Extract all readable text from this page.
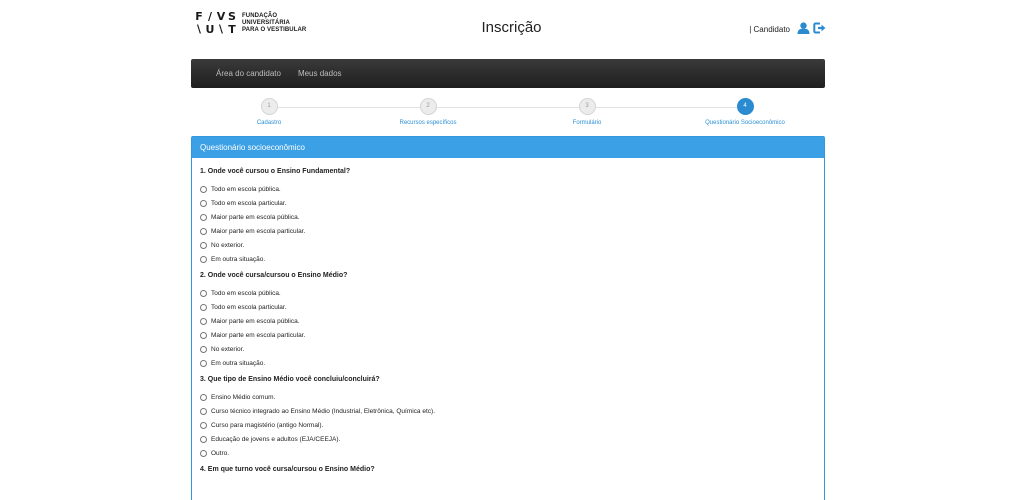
F ∕ V S
∖ U ∖ T
FUNDAÇÃO
UNIVERSITÁRIA
PARA O VESTIBULAR	Inscrição	| Candidato
Área do candidato Meus dados
1
Cadastro
2
Recursos específicos
3
Formulário
4
Questionário Socioeconômico
Questionário socioeconômico
1. Onde você cursou o Ensino Fundamental?
Todo em escola pública.
Todo em escola particular.
Maior parte em escola pública.
Maior parte em escola particular.
No exterior.
Em outra situação.
2. Onde você cursa/cursou o Ensino Médio?
Todo em escola pública.
Todo em escola particular.
Maior parte em escola pública.
Maior parte em escola particular.
No exterior.
Em outra situação.
3. Que tipo de Ensino Médio você concluiu/concluirá?
Ensino Médio comum.
Curso técnico integrado ao Ensino Médio (Industrial, Eletrônica, Química etc).
Curso para magistério (antigo Normal).
Educação de jovens e adultos (EJA/CEEJA).
Outro.
4. Em que turno você cursa/cursou o Ensino Médio?
